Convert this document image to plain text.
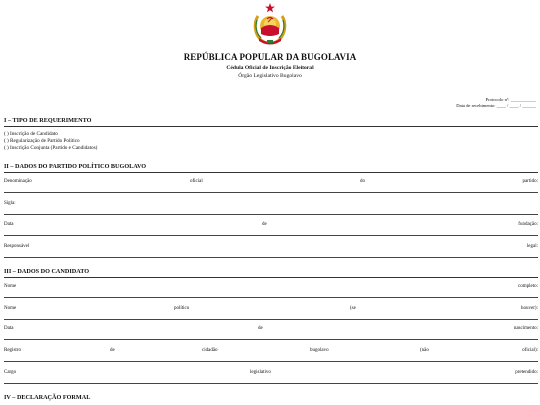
REPÚBLICA POPULAR DA BUGOLAVIA
Cédula Oficial de Inscrição Eleitoral
Órgão Legislativo Bugolavo
Protocolo nº: ___________
Data de recebimento: ____ / ____ / ______
I – TIPO DE REQUERIMENTO
( ) Inscrição de Candidato
( ) Regularização de Partido Político
( ) Inscrição Conjunta (Partido e Candidatos)
II – DADOS DO PARTIDO POLÍTICO BUGOLAVO
Denominação	oficial	do	partido:
Sigla:
Data	de	fundação:
Responsável	legal:
III – DADOS DO CANDIDATO
Nome	completo:
Nome	político	(se	houver):
Data	de	nascimento:
Registro	de	cidadão	bugolavo	(não	oficial):
Cargo	legislativo	pretendido:
IV – DECLARAÇÃO FORMAL
